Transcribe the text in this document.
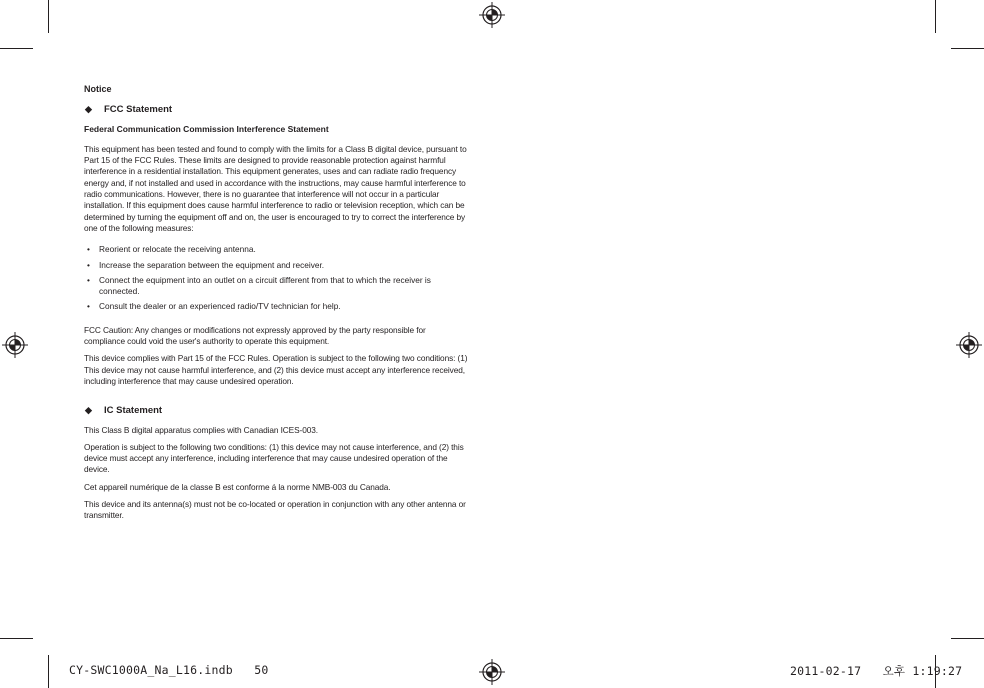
Notice
◆	FCC Statement
Federal Communication Commission Interference Statement

This equipment has been tested and found to comply with the limits for a Class B digital device, pursuant to Part 15 of the FCC Rules. These limits are designed to provide reasonable protection against harmful interference in a residential installation. This equipment generates, uses and can radiate radio frequency energy and, if not installed and used in accordance with the instructions, may cause harmful interference to radio communications. However, there is no guarantee that interference will not occur in a particular installation. If this equipment does cause harmful interference to radio or television reception, which can be determined by turning the equipment off and on, the user is encouraged to try to correct the interference by one of the following measures:

• Reorient or relocate the receiving antenna.
• Increase the separation between the equipment and receiver.
• Connect the equipment into an outlet on a circuit different from that to which the receiver is connected.
• Consult the dealer or an experienced radio/TV technician for help.

FCC Caution: Any changes or modifications not expressly approved by the party responsible for compliance could void the user's authority to operate this equipment.

This device complies with Part 15 of the FCC Rules. Operation is subject to the following two conditions: (1) This device may not cause harmful interference, and (2) this device must accept any interference received, including interference that may cause undesired operation.

◆	IC Statement

This Class B digital apparatus complies with Canadian ICES-003.

Operation is subject to the following two conditions: (1) this device may not cause interference, and (2) this device must accept any interference, including interference that may cause undesired operation of the device.

Cet appareil numérique de la classe B est conforme á la norme NMB-003 du Canada.

This device and its antenna(s) must not be co-located or operation in conjunction with any other antenna or transmitter.

CY-SWC1000A_Na_L16.indb   50	2011-02-17   오후 1:19:27
